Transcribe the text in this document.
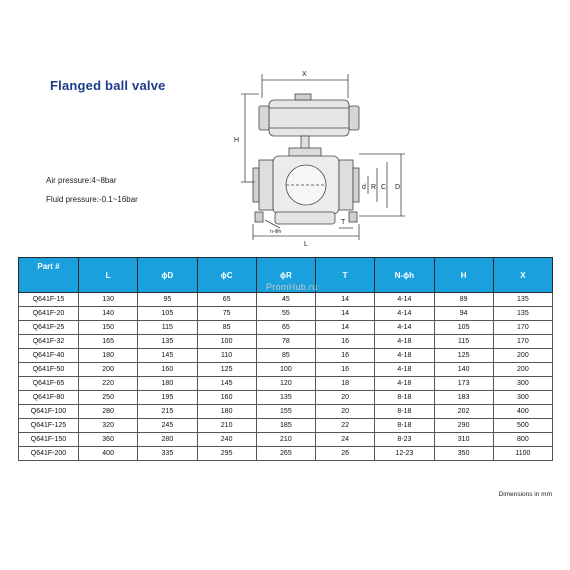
Flanged ball valve
Air pressure:4~8bar
Fluid pressure:-0.1~16bar
X
H
d R C D
n-Φh
L
T
Part #	L	ϕD	ϕC	ϕR	T	N-ϕh	H	X
Q641F-15	130	95	65	45	14	4-14	89	135
Q641F-20	140	105	75	55	14	4-14	94	135
Q641F-25	150	115	85	65	14	4-14	105	170
Q641F-32	165	135	100	78	16	4-18	115	170
Q641F-40	180	145	110	85	16	4-18	125	200
Q641F-50	200	160	125	100	16	4-18	140	200
Q641F-65	220	180	145	120	18	4-18	173	300
Q641F-80	250	195	160	135	20	8-18	183	300
Q641F-100	280	215	180	155	20	8-18	202	400
Q641F-125	320	245	210	185	22	8-18	290	500
Q641F-150	360	280	240	210	24	8-23	310	800
Q641F-200	400	335	295	265	26	12-23	350	1100
PromHub.ru
Dimensions in mm
